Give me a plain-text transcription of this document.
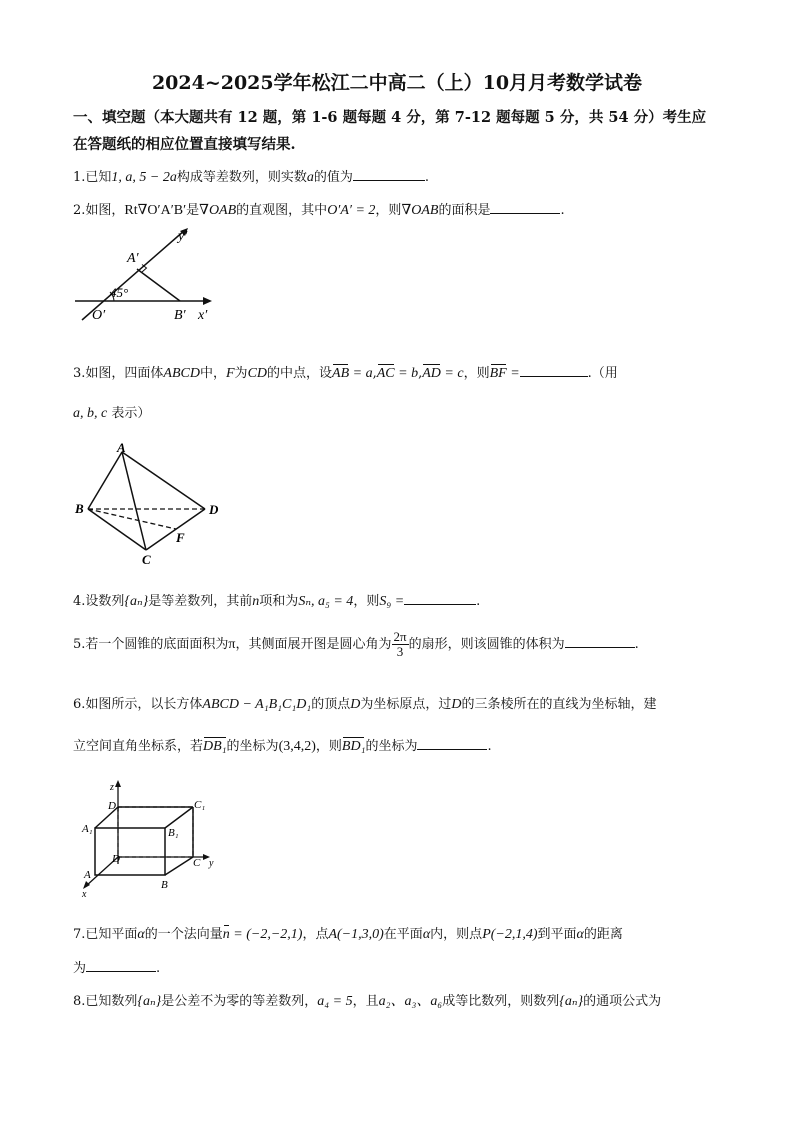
2024~2025学年松江二中高二（上）10月月考数学试卷
一、填空题（本大题共有 12 题，第 1-6 题每题 4 分，第 7-12 题每题 5 分，共 54 分）考生应
在答题纸的相应位置直接填写结果.
1.已知1, a, 5 − 2a构成等差数列，则实数a的值为	.
2.如图，Rt∇O′A′B′是∇OAB的直观图，其中O′A′ = 2，则∇OAB的面积是	.
y′
A′
45°
O′	B′ x′
3.如图，四面体ABCD中，F为CD的中点，设AB = a,AC = b,AD = c，则BF =	.（用
a, b, c 表示）
A
B
C
D
F
4.设数列{aₙ}是等差数列，其前n项和为Sₙ, a₅ = 4，则S₉ =	.
5.若一个圆锥的底面面积为π，其侧面展开图是圆心角为 $\frac{2\pi}{3}$ 的扇形，则该圆锥的体积为	.
6.如图所示，以长方体ABCD − A₁B₁C₁D₁的顶点D为坐标原点，过D的三条棱所在的直线为坐标轴，建
立空间直角坐标系，若DB₁的坐标为(3,4,2)，则BD₁的坐标为	.
z
D₁	C₁
A₁	B₁
D	C y
A
B
x
7.已知平面α的一个法向量n = (−2,−2,1)，点A(−1,3,0)在平面α内，则点P(−2,1,4)到平面α的距离
为	.
8.已知数列{aₙ}是公差不为零的等差数列，a₄ = 5，且a₂、a₃、a₆成等比数列，则数列{aₙ}的通项公式为
